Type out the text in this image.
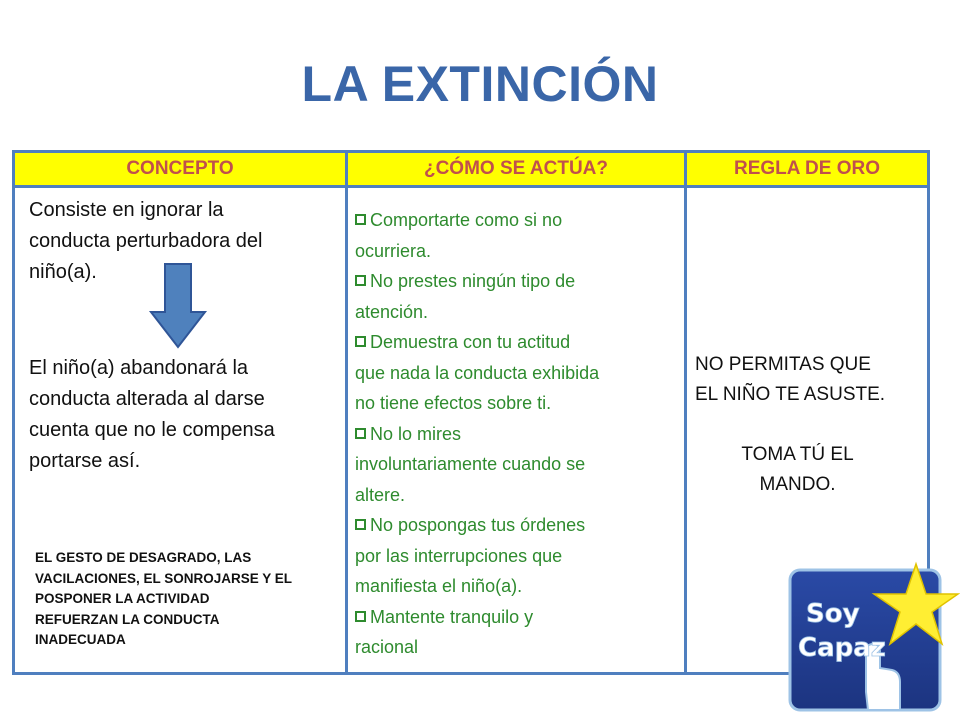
LA EXTINCIÓN
CONCEPTO	¿CÓMO SE ACTÚA?	REGLA DE ORO
Consiste en ignorar la
conducta perturbadora del
niño(a).
El niño(a) abandonará la
conducta alterada al darse
cuenta que no le compensa
portarse así.
EL GESTO DE DESAGRADO, LAS
VACILACIONES, EL SONROJARSE Y EL
POSPONER LA ACTIVIDAD
REFUERZAN LA CONDUCTA
INADECUADA
Comportarte como si no
ocurriera.
No prestes ningún tipo de
atención.
Demuestra con tu actitud
que nada la conducta exhibida
no tiene efectos sobre ti.
No lo mires
involuntariamente cuando se
altere.
No pospongas tus órdenes
por las interrupciones que
manifiesta el niño(a).
Mantente tranquilo y
racional
NO PERMITAS QUE
EL NIÑO TE ASUSTE.
TOMA TÚ EL
MANDO.
Soy
Capaz
